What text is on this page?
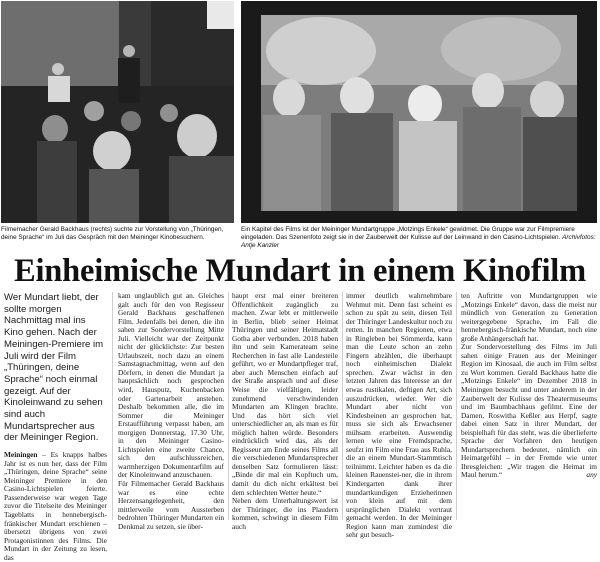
Filmemacher Gerald Backhaus (rechts) suchte zur Vorstellung von „Thüringen, deine Sprache“ im Juli das Gespräch mit den Meininger Kinobesuchern.
Ein Kapitel des Films ist der Meininger Mundartgruppe „Motzings Enkele“ gewidmet. Die Gruppe war zur Filmpremiere eingeladen. Das Szenenfoto zeigt sie in der Zauberwelt der Kulisse auf der Leinwand in den Casino-Lichtspielen. Archivfotos: Antje Kanzler
Einheimische Mundart in einem Kinofilm

Wer Mundart liebt, der sollte morgen Nachmittag mal ins Kino gehen. Nach der Meiningen-Premiere im Juli wird der Film „Thüringen, deine Sprache“ noch einmal gezeigt. Auf der Kinoleinwand zu sehen sind auch Mundartsprecher aus der Meininger Region.

Meiningen – Es knapps halbes Jahr ist es nun her, dass der Film „Thüringen, deine Sprache“ seine Meininger Premiere in den Casino-Lichtspielen feierte. Passenderweise war wegen Tage zuvor die Titelseite des Meininger Tageblatts in hennebergisch-fränkischer Mundart erschienen – übersetzt übrigens von zwei Protagonistinnen des Films. Die Mundart in der Zeitung zu lesen, das

kam unglaublich gut an. Gleiches galt auch für den von Regisseur Gerald Backhaus geschaffenen Film. Jedenfalls bei denen, die ihn sahen zur Sondervorstellung Mitte Juli. Vielleicht war der Zeitpunkt nicht der glücklichste: Zur besten Urlaubszeit, noch dazu an einem Samstagnachmittag, wenn auf den Dörfern, in denen die Mundart ja hauptsächlich noch gesprochen wird, Hausputz, Kuchenbacken oder Gartenarbeit anstehen. Deshalb bekommen alle, die im Sommer die Meininger Erstaufführung verpasst haben, am morgigen Donnerstag, 17.30 Uhr, in den Meininger Casino-Lichtspielen eine zweite Chance, sich den aufschlussreichen, warmherzigen Dokumentarfilm auf der Kinoleinwand anzuschauen.
Für Filmemacher Gerald Backhaus war es eine echte Herzensangelegenheit, den mittlerweile vom Aussterben bedrohten Thüringer Mundarten ein Denkmal zu setzen, sie über-

haupt erst mal einer breiteren Öffentlichkeit zugänglich zu machen. Zwar lebt er mittlerweile in Berlin, blieb seiner Heimat Thüringen und seiner Heimatstadt Gotha aber verbunden. 2018 haben ihn und sein Kamerateam seine Recherchen in fast alle Landesteile geführt, wo er Mundartpfleger traf, aber auch Menschen einfach auf der Straße ansprach und auf diese Weise die vielfältigen, leider zunehmend verschwindenden Mundarten am Klingen brachte. Und das hört sich viel unterschiedlicher an, als man es für möglich halten würde. Besonders eindrücklich wird das, als der Regisseur am Ende seines Films all die verschiedenen Mundartsprecher denselben Satz formulieren lässt: „Binde dir mal ein Kopftuch um, damit du dich nicht erkältest bei dem schlechten Wetter heute.“
Neben dem Unterhaltungswert ist der Thüringer, die ins Plaudern kommen, schwingt in diesem Film auch

immer deutlich wahrnehmbare Wehmut mit. Denn fast scheint es schon zu spät zu sein, diesen Teil der Thüringer Landeskultur noch zu retten. In manchen Regionen, etwa in Ringleben bei Sömmerda, kann man die Leute schon an zehn Fingern abzählen, die überhaupt noch einheimischen Dialekt sprechen. Zwar wächst in den letzten Jahren das Interesse an der etwas rustikalen, deftigen Art, sich auszudrücken, wieder. Wer die Mundart aber nicht von Kindesbeinen an gesprochen hat, muss sie sich als Erwachsener mühsam erarbeiten. Auswendig lernen wie eine Fremdsprache, seufzt im Film eine Frau aus Ruhla, die an einem Mundart-Stammtisch teilnimmt. Leichter haben es da die kleinen Rauenstei-ner, die in ihrem Kindergarten dank ihrer mundartkundigen Erzieherinnen von klein auf mit dem ursprünglichen Dialekt vertraut gemacht werden. In der Meininger Region kann man zumindest die sehr gut besuch-

ten Auftritte von Mundartgruppen wie „Motzings Enkele“ davon, dass die meist nur mündlich von Generation zu Generation weitergegebene Sprache, im Fall die hennebergisch-fränkische Mundart, noch eine große Anhängerschaft hat.
Zur Sondervorstellung des Films im Juli sahen einige Frauen aus der Meininger Region im Kinosaal, die auch im Film selbst zu Wort kommen. Gerald Backhaus hatte die „Motzings Enkele“ im Dezember 2018 in Meiningen besucht und unter anderem in der Zauberwelt der Kulisse des Theatermuseums und im Baumbachhaus gefilmt. Eine der Damen, Roswitha Keßler aus Herpf, sagte dabei einen Satz in ihrer Mundart, der beispielhaft für das steht, was die überlieferte Sprache der Vorfahren den heutigen Mundartsprechern bedeutet, nämlich ein Heimatgefühl – in der Fremde wie unter Ihresgleichen: „Wir tragen die Heimat im Maul herum.“	any
